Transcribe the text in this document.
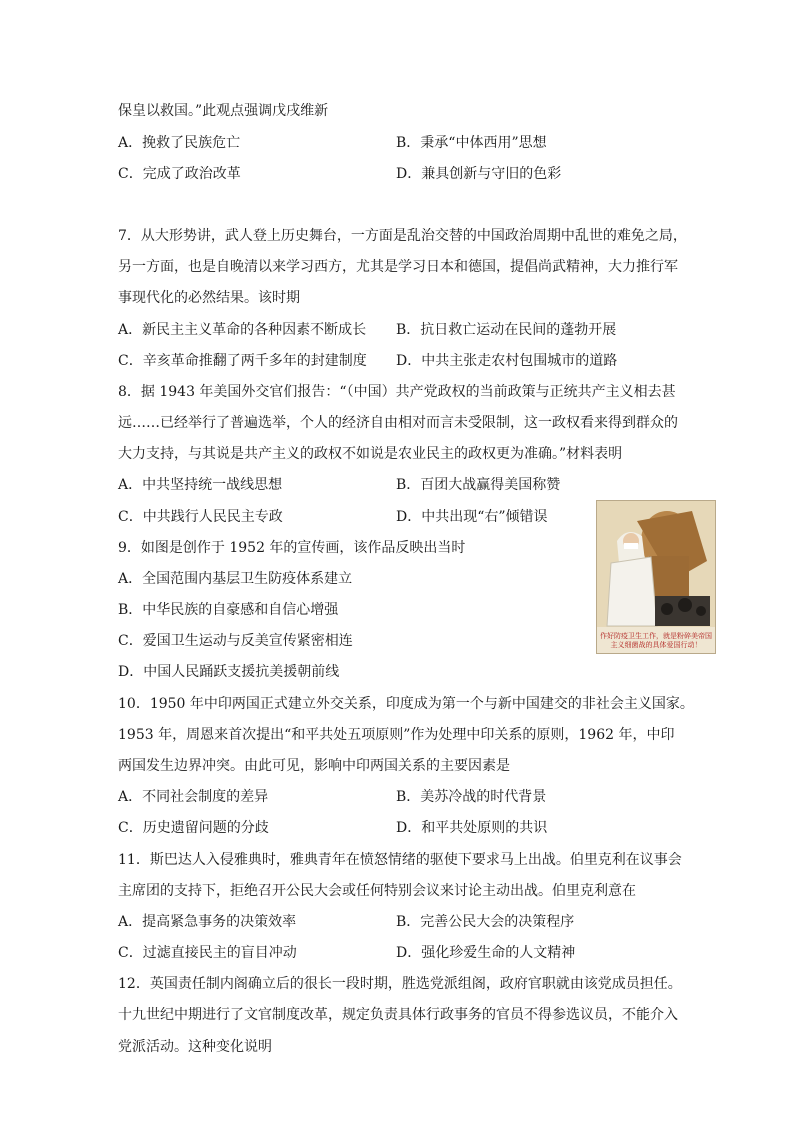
保皇以救国。”此观点强调戊戌维新
A．挽救了民族危亡	B．秉承“中体西用”思想
C．完成了政治改革	D．兼具创新与守旧的色彩
7．从大形势讲，武人登上历史舞台，一方面是乱治交替的中国政治周期中乱世的难免之局，
另一方面，也是自晚清以来学习西方，尤其是学习日本和德国，提倡尚武精神，大力推行军
事现代化的必然结果。该时期
A．新民主主义革命的各种因素不断成长 B．抗日救亡运动在民间的蓬勃开展
C．辛亥革命推翻了两千多年的封建制度 D．中共主张走农村包围城市的道路
8．据 1943 年美国外交官们报告：“（中国）共产党政权的当前政策与正统共产主义相去甚
远……已经举行了普遍选举，个人的经济自由相对而言未受限制，这一政权看来得到群众的
大力支持，与其说是共产主义的政权不如说是农业民主的政权更为准确。”材料表明
A．中共坚持统一战线思想	B．百团大战赢得美国称赞
C．中共践行人民民主专政	D．中共出现“右”倾错误
9．如图是创作于 1952 年的宣传画，该作品反映出当时
A．全国范围内基层卫生防疫体系建立
B．中华民族的自豪感和自信心增强
C．爱国卫生运动与反美宣传紧密相连
D．中国人民踊跃支援抗美援朝前线
作好防疫卫生工作，就是粉碎美帝国主义细菌战的具体爱国行动！
10．1950 年中印两国正式建立外交关系，印度成为第一个与新中国建交的非社会主义国家。
1953 年，周恩来首次提出“和平共处五项原则”作为处理中印关系的原则，1962 年，中印
两国发生边界冲突。由此可见，影响中印两国关系的主要因素是
A．不同社会制度的差异	B．美苏冷战的时代背景
C．历史遗留问题的分歧	D．和平共处原则的共识
11．斯巴达人入侵雅典时，雅典青年在愤怒情绪的驱使下要求马上出战。伯里克利在议事会
主席团的支持下，拒绝召开公民大会或任何特别会议来讨论主动出战。伯里克利意在
A．提高紧急事务的决策效率	B．完善公民大会的决策程序
C．过滤直接民主的盲目冲动	D．强化珍爱生命的人文精神
12．英国责任制内阁确立后的很长一段时期，胜选党派组阁，政府官职就由该党成员担任。
十九世纪中期进行了文官制度改革，规定负责具体行政事务的官员不得参选议员，不能介入
党派活动。这种变化说明
